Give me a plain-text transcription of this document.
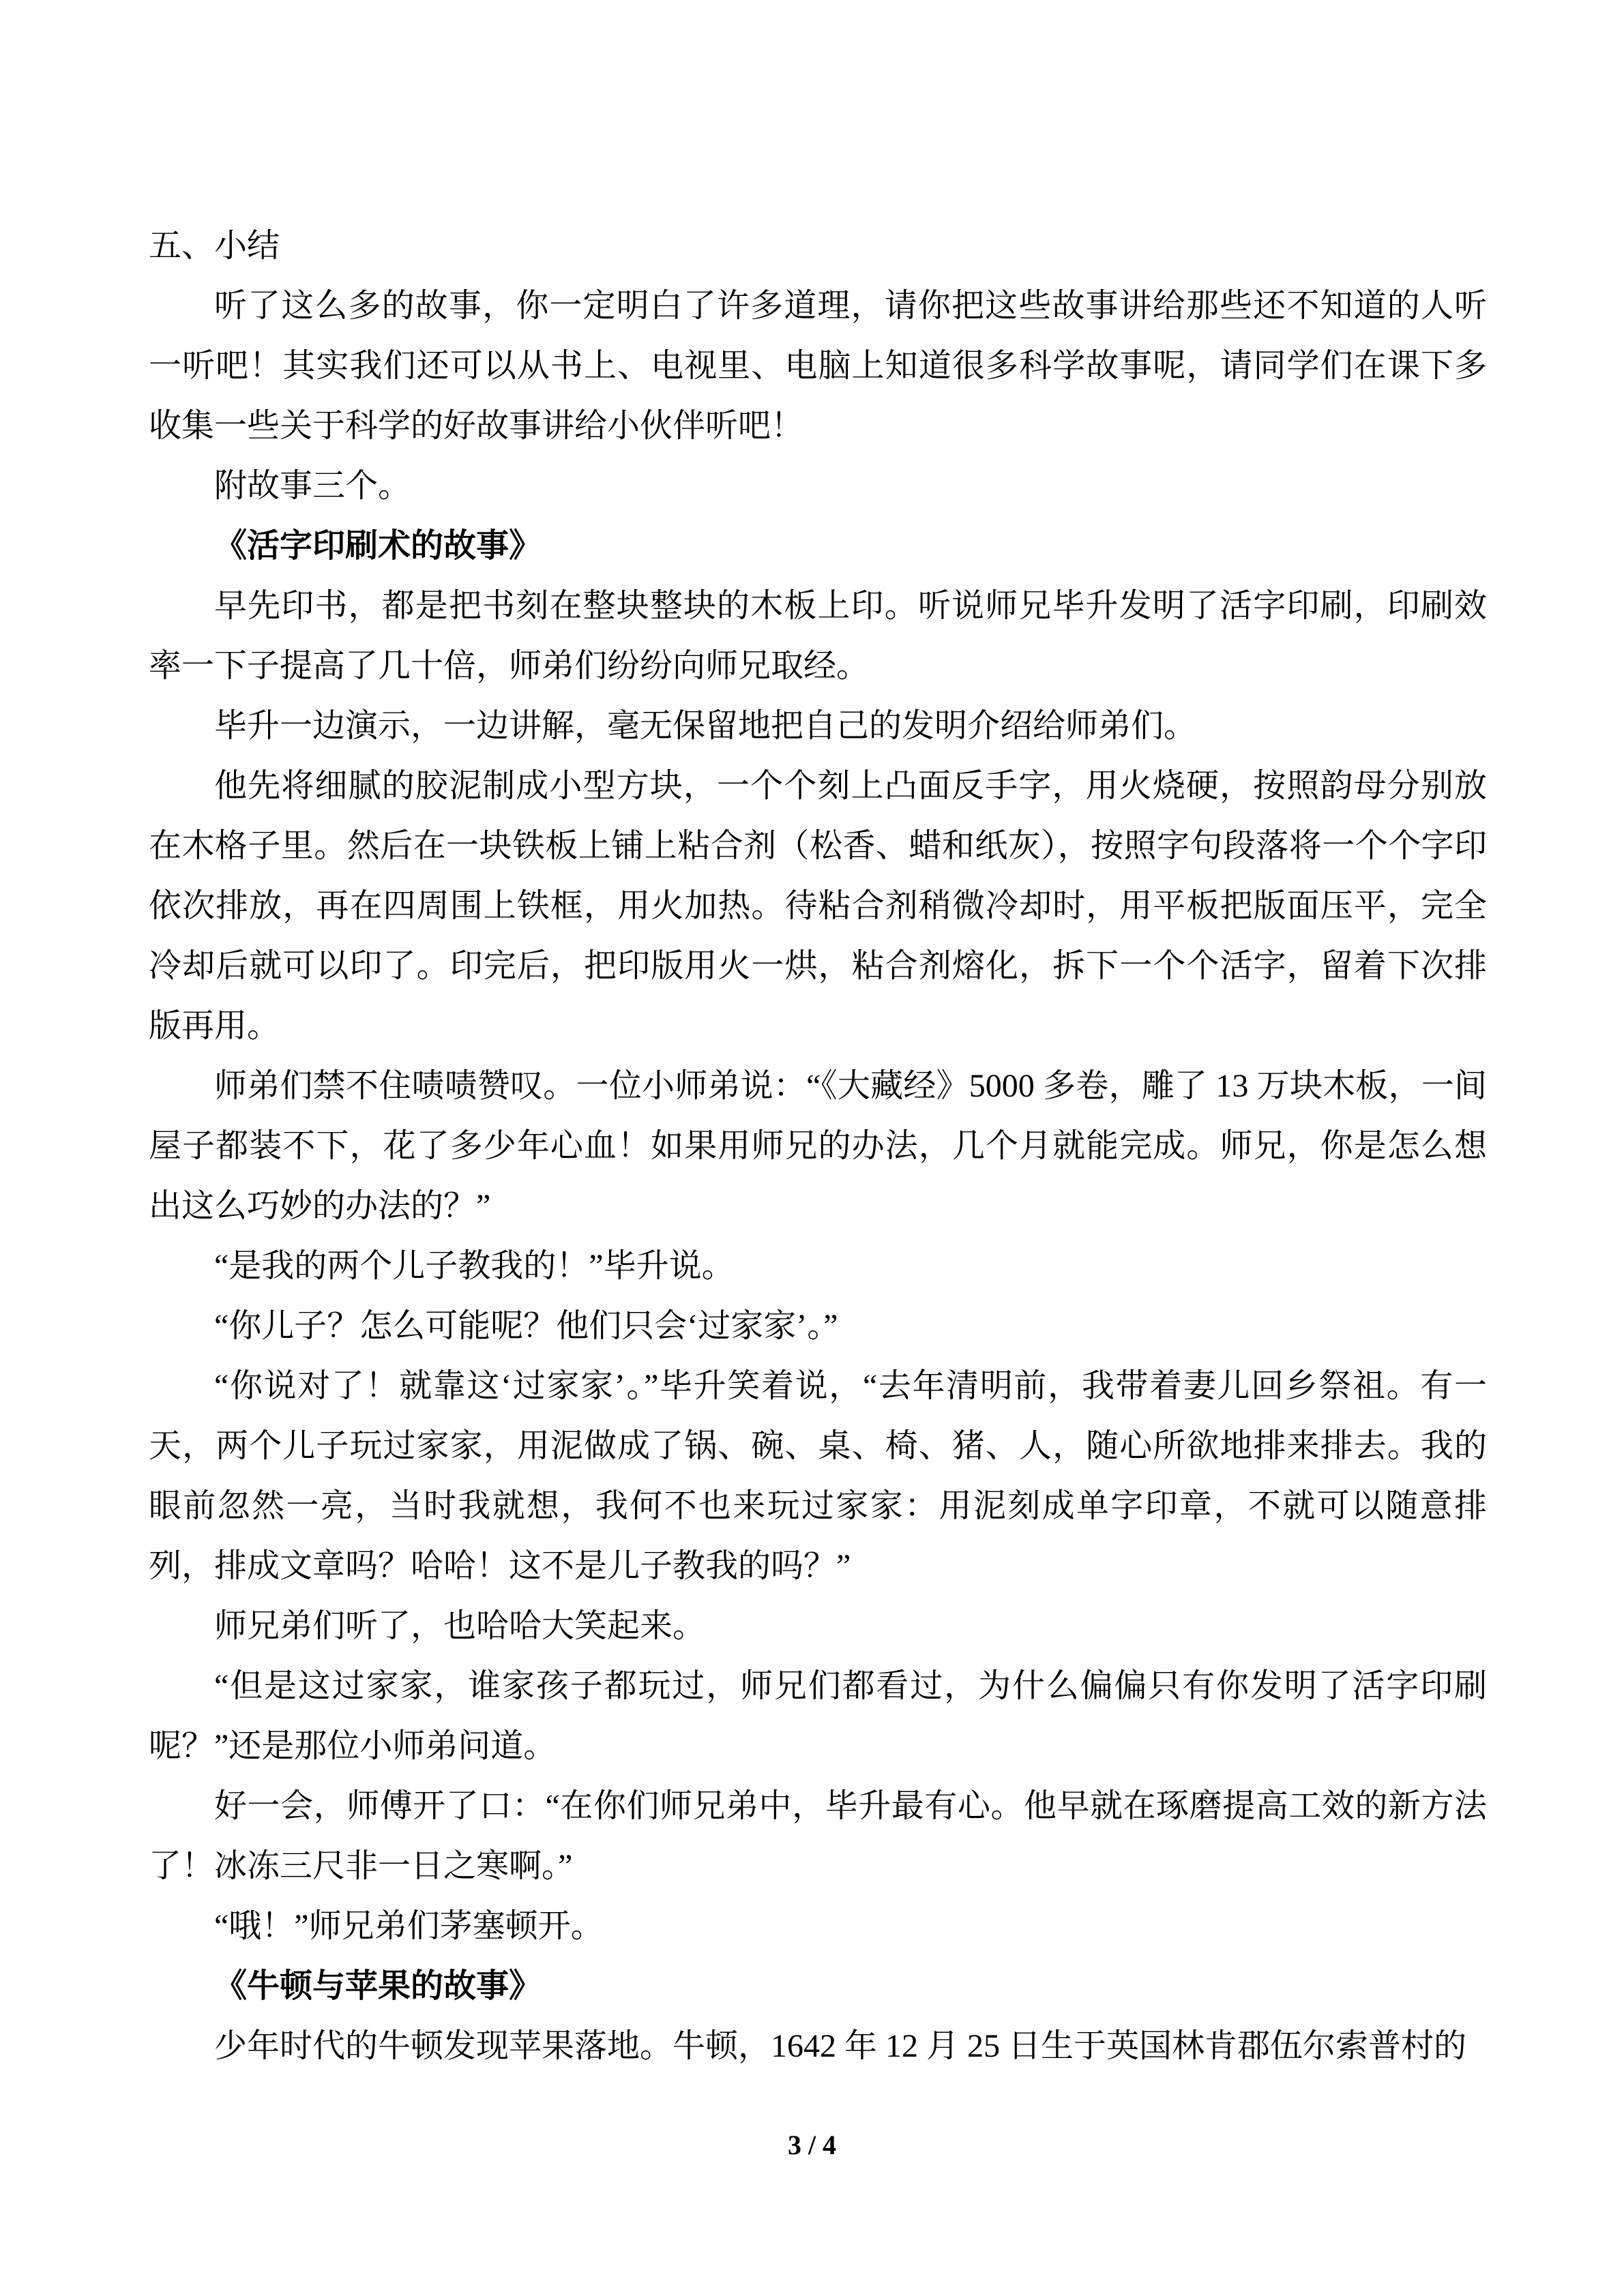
五、小结

听了这么多的故事，你一定明白了许多道理，请你把这些故事讲给那些还不知道的人听一听吧！其实我们还可以从书上、电视里、电脑上知道很多科学故事呢，请同学们在课下多收集一些关于科学的好故事讲给小伙伴听吧！

附故事三个。

《活字印刷术的故事》

早先印书，都是把书刻在整块整块的木板上印。听说师兄毕升发明了活字印刷，印刷效率一下子提高了几十倍，师弟们纷纷向师兄取经。

毕升一边演示，一边讲解，毫无保留地把自己的发明介绍给师弟们。

他先将细腻的胶泥制成小型方块，一个个刻上凸面反手字，用火烧硬，按照韵母分别放在木格子里。然后在一块铁板上铺上粘合剂（松香、蜡和纸灰），按照字句段落将一个个字印依次排放，再在四周围上铁框，用火加热。待粘合剂稍微冷却时，用平板把版面压平，完全冷却后就可以印了。印完后，把印版用火一烘，粘合剂熔化，拆下一个个活字，留着下次排版再用。

师弟们禁不住啧啧赞叹。一位小师弟说：“《大藏经》5000 多卷，雕了 13 万块木板，一间屋子都装不下，花了多少年心血！如果用师兄的办法，几个月就能完成。师兄，你是怎么想出这么巧妙的办法的？”

“是我的两个儿子教我的！”毕升说。

“你儿子？怎么可能呢？他们只会‘过家家’。”

“你说对了！就靠这‘过家家’。”毕升笑着说，“去年清明前，我带着妻儿回乡祭祖。有一天，两个儿子玩过家家，用泥做成了锅、碗、桌、椅、猪、人，随心所欲地排来排去。我的眼前忽然一亮，当时我就想，我何不也来玩过家家：用泥刻成单字印章，不就可以随意排列，排成文章吗？哈哈！这不是儿子教我的吗？”

师兄弟们听了，也哈哈大笑起来。

“但是这过家家，谁家孩子都玩过，师兄们都看过，为什么偏偏只有你发明了活字印刷呢？”还是那位小师弟问道。

好一会，师傅开了口：“在你们师兄弟中，毕升最有心。他早就在琢磨提高工效的新方法了！冰冻三尺非一日之寒啊。”

“哦！”师兄弟们茅塞顿开。

《牛顿与苹果的故事》

少年时代的牛顿发现苹果落地。牛顿，1642 年 12 月 25 日生于英国林肯郡伍尔索普村的

3 / 4
